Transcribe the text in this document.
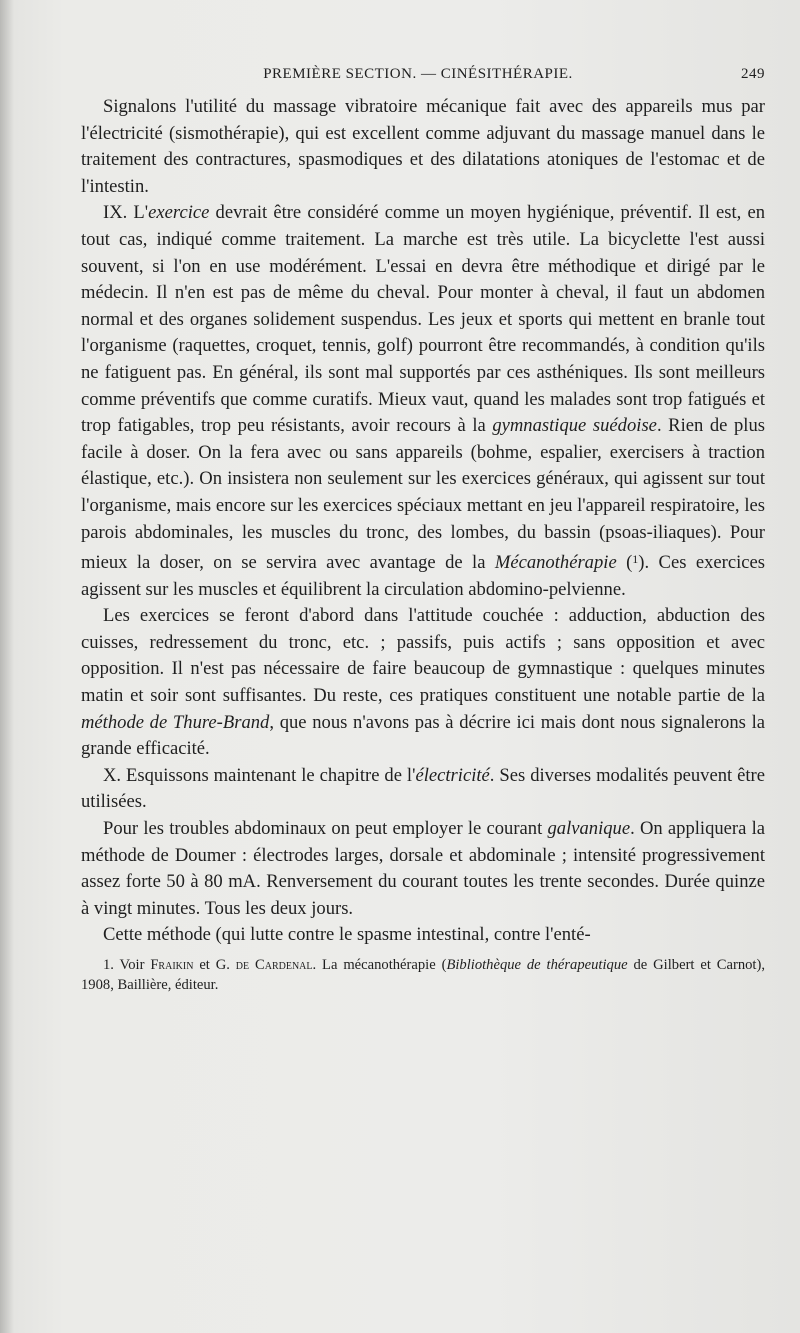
PREMIÈRE SECTION. — CINÉSITHÉRAPIE.	249

Signalons l'utilité du massage vibratoire mécanique fait avec des appareils mus par l'électricité (sismothérapie), qui est excellent comme adjuvant du massage manuel dans le traitement des contractures, spasmodiques et des dilatations atoniques de l'estomac et de l'intestin.

IX. L'exercice devrait être considéré comme un moyen hygiénique, préventif. Il est, en tout cas, indiqué comme traitement. La marche est très utile. La bicyclette l'est aussi souvent, si l'on en use modérément. L'essai en devra être méthodique et dirigé par le médecin. Il n'en est pas de même du cheval. Pour monter à cheval, il faut un abdomen normal et des organes solidement suspendus. Les jeux et sports qui mettent en branle tout l'organisme (raquettes, croquet, tennis, golf) pourront être recommandés, à condition qu'ils ne fatiguent pas. En général, ils sont mal supportés par ces asthéniques. Ils sont meilleurs comme préventifs que comme curatifs. Mieux vaut, quand les malades sont trop fatigués et trop fatigables, trop peu résistants, avoir recours à la gymnastique suédoise. Rien de plus facile à doser. On la fera avec ou sans appareils (bohme, espalier, exercisers à traction élastique, etc.). On insistera non seulement sur les exercices généraux, qui agissent sur tout l'organisme, mais encore sur les exercices spéciaux mettant en jeu l'appareil respiratoire, les parois abdominales, les muscles du tronc, des lombes, du bassin (psoas-iliaques). Pour mieux la doser, on se servira avec avantage de la Mécanothérapie ($^1$). Ces exercices agissent sur les muscles et équilibrent la circulation abdomino-pelvienne.

Les exercices se feront d'abord dans l'attitude couchée : adduction, abduction des cuisses, redressement du tronc, etc. ; passifs, puis actifs ; sans opposition et avec opposition. Il n'est pas nécessaire de faire beaucoup de gymnastique : quelques minutes matin et soir sont suffisantes. Du reste, ces pratiques constituent une notable partie de la méthode de Thure-Brand, que nous n'avons pas à décrire ici mais dont nous signalerons la grande efficacité.

X. Esquissons maintenant le chapitre de l'électricité. Ses diverses modalités peuvent être utilisées.

Pour les troubles abdominaux on peut employer le courant galvanique. On appliquera la méthode de Doumer : électrodes larges, dorsale et abdominale ; intensité progressivement assez forte 50 à 80 mA. Renversement du courant toutes les trente secondes. Durée quinze à vingt minutes. Tous les deux jours.

Cette méthode (qui lutte contre le spasme intestinal, contre l'enté-

1. Voir Fraikin et G. de Cardenal. La mécanothérapie (Bibliothèque de thérapeutique de Gilbert et Carnot), 1908, Baillière, éditeur.
